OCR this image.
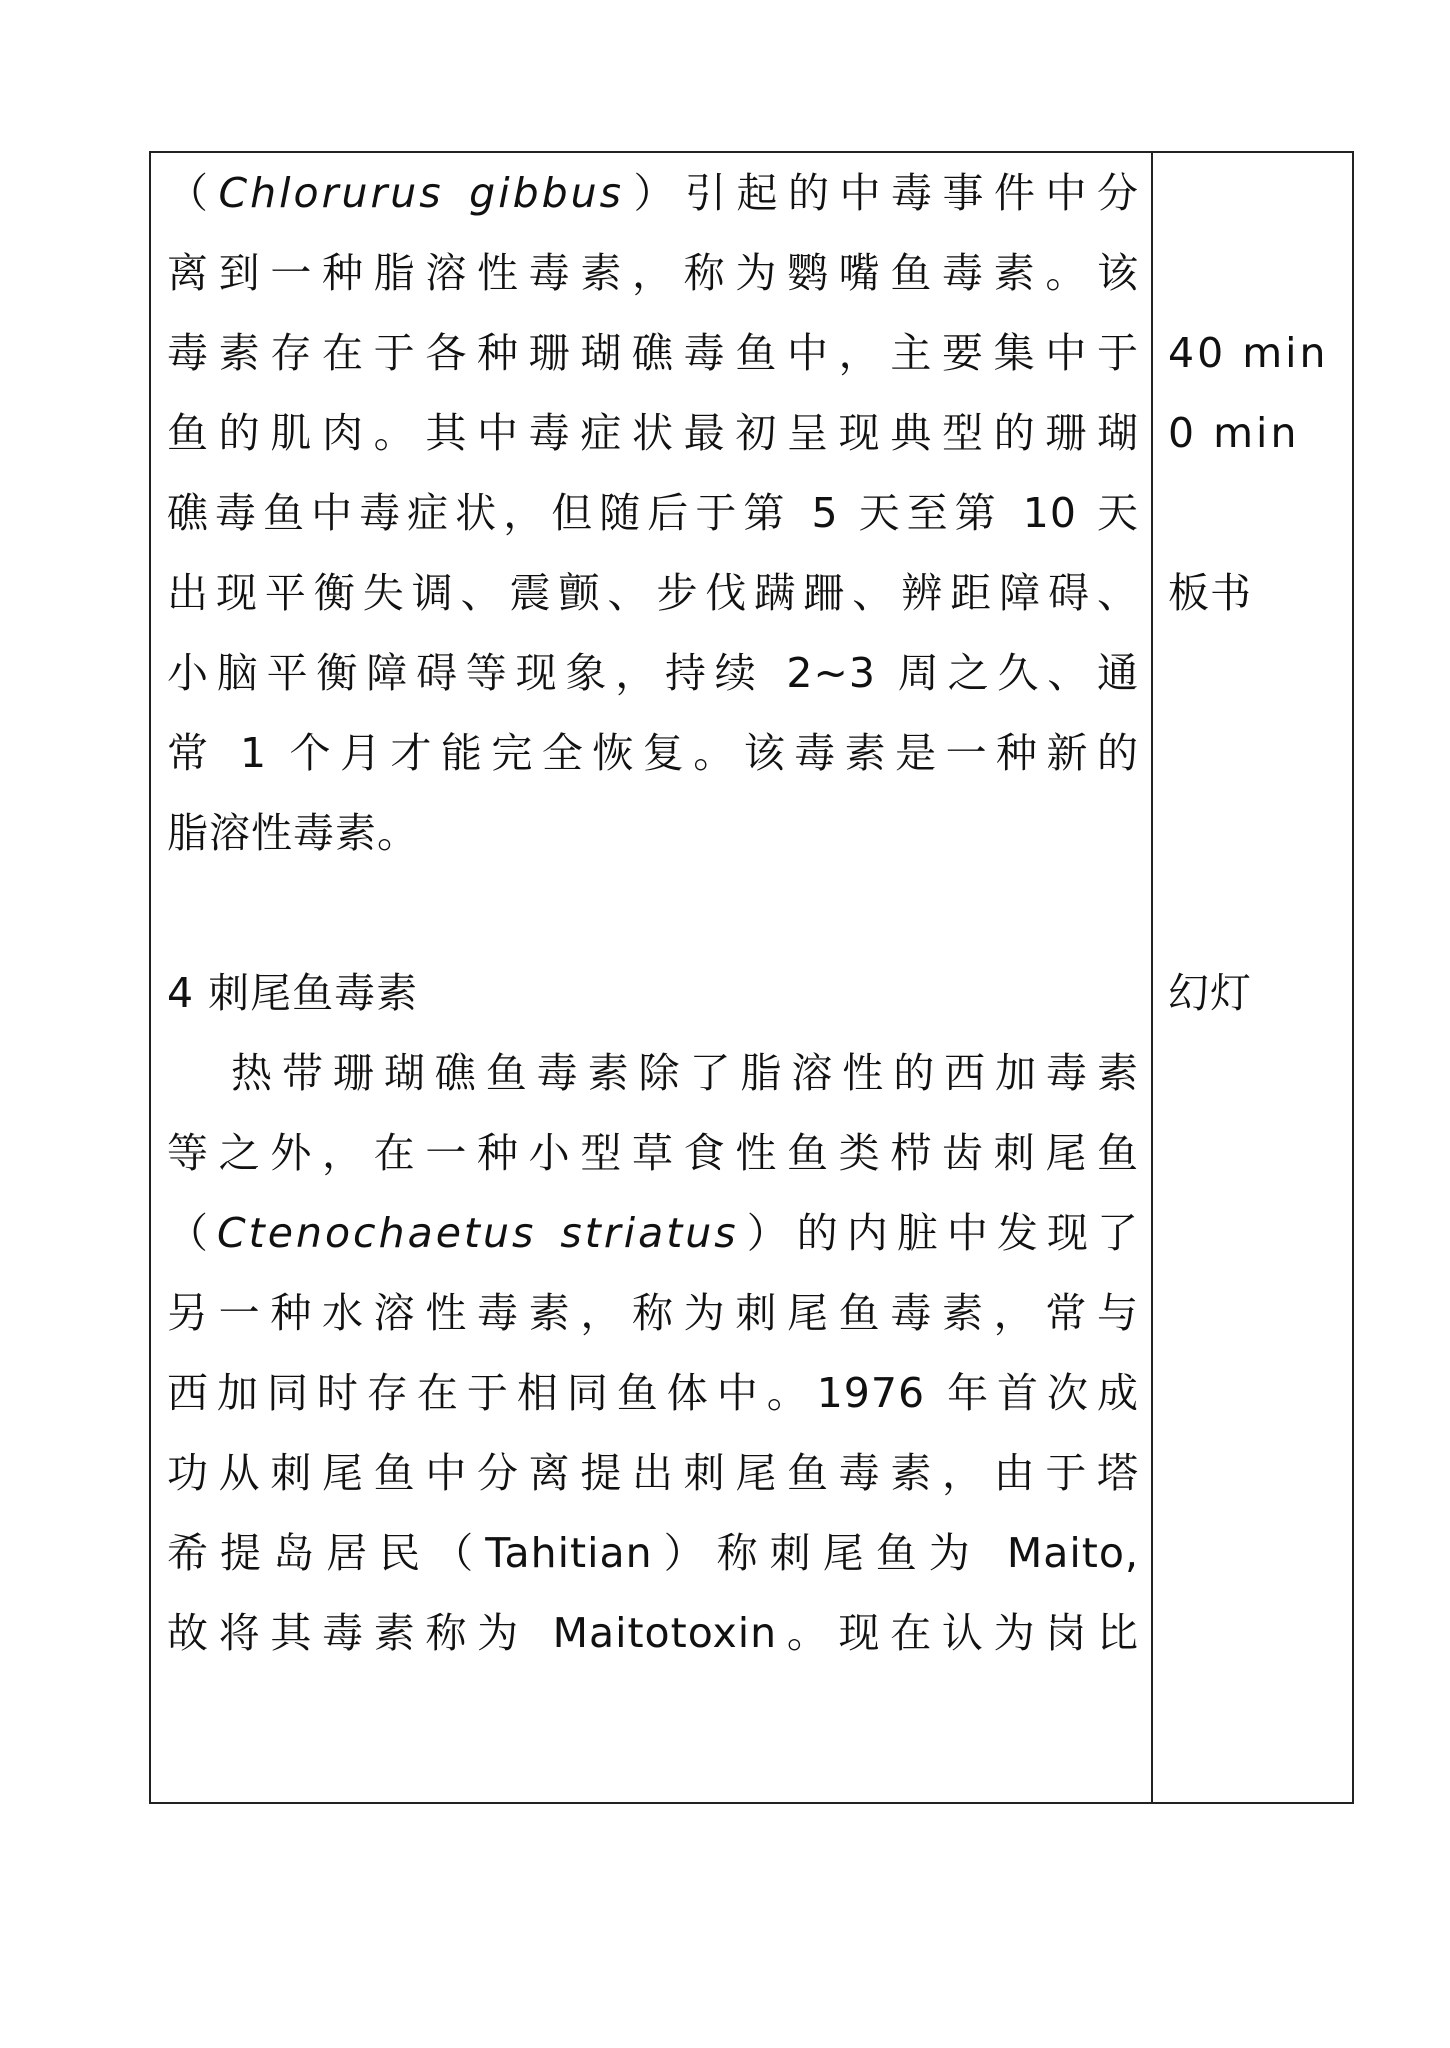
（Chlorurus gibbus）引起的中毒事件中分
离到一种脂溶性毒素，称为鹦嘴鱼毒素。该
毒素存在于各种珊瑚礁毒鱼中，主要集中于
鱼的肌肉。其中毒症状最初呈现典型的珊瑚
礁毒鱼中毒症状，但随后于第 5 天至第 10 天
出现平衡失调、震颤、步伐蹒跚、辨距障碍、
小脑平衡障碍等现象，持续 2~3 周之久、通
常 1 个月才能完全恢复。该毒素是一种新的
脂溶性毒素。
4 刺尾鱼毒素
热带珊瑚礁鱼毒素除了脂溶性的西加毒素
等之外，在一种小型草食性鱼类栉齿刺尾鱼
（Ctenochaetus striatus）的内脏中发现了
另一种水溶性毒素，称为刺尾鱼毒素，常与
西加同时存在于相同鱼体中。1976 年首次成
功从刺尾鱼中分离提出刺尾鱼毒素，由于塔
希提岛居民（Tahitian）称刺尾鱼为 Maito,
故将其毒素称为 Maitotoxin。现在认为岗比
40 min
0 min
板书
幻灯
